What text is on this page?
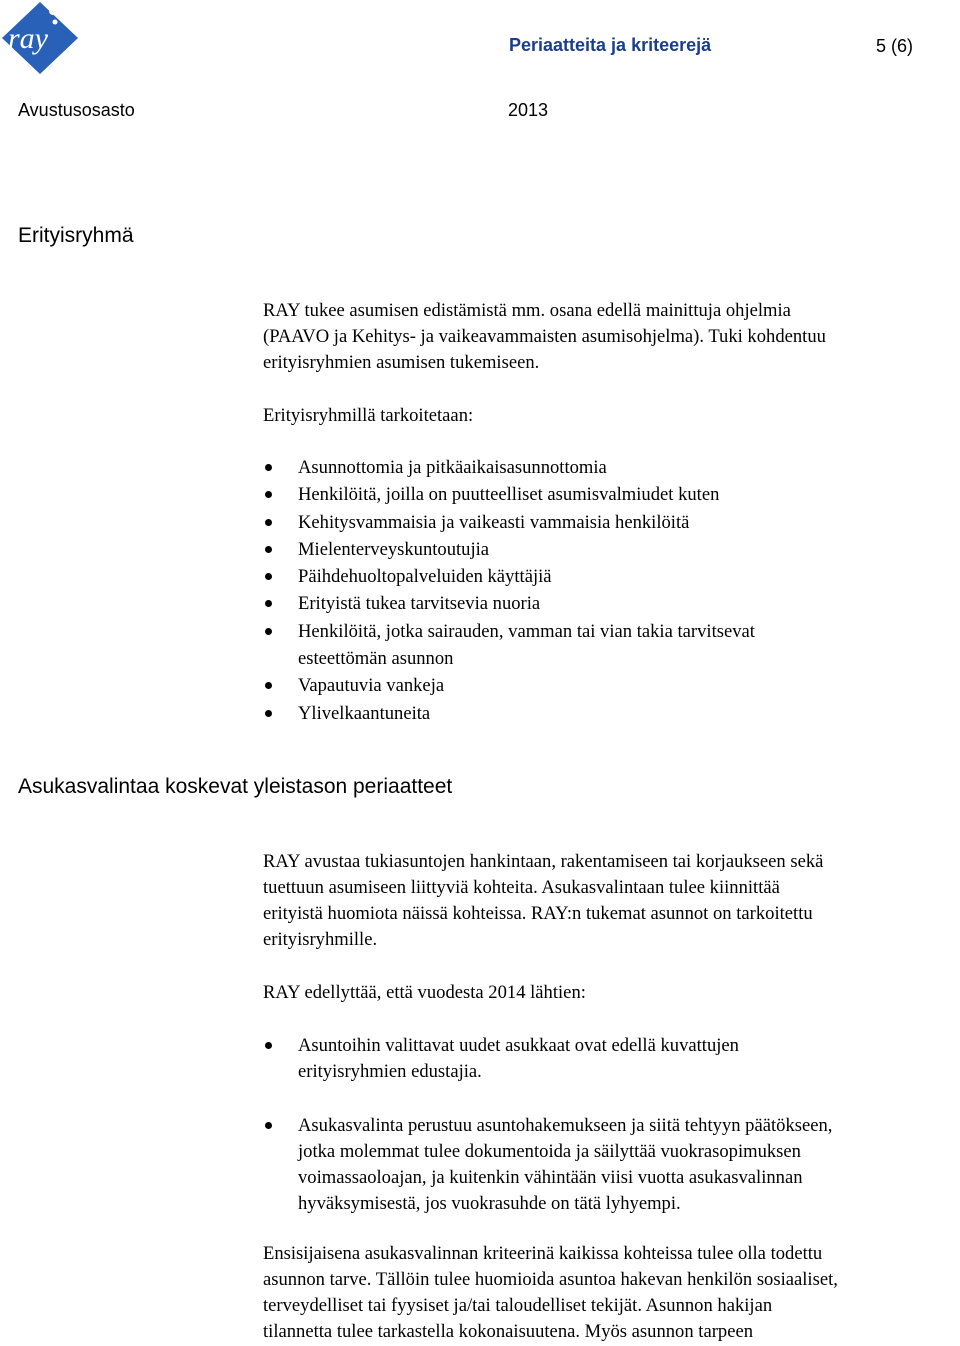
ray	Periaatteita ja kriteerejä	5 (6)
Avustusosasto	2013
Erityisryhmä
RAY tukee asumisen edistämistä mm. osana edellä mainittuja ohjelmia
(PAAVO ja Kehitys- ja vaikeavammaisten asumisohjelma). Tuki kohdentuu
erityisryhmien asumisen tukemiseen.
Erityisryhmillä tarkoitetaan:
Asunnottomia ja pitkäaikaisasunnottomia
Henkilöitä, joilla on puutteelliset asumisvalmiudet kuten
Kehitysvammaisia ja vaikeasti vammaisia henkilöitä
Mielenterveyskuntoutujia
Päihdehuoltopalveluiden käyttäjiä
Erityistä tukea tarvitsevia nuoria
Henkilöitä, jotka sairauden, vamman tai vian takia tarvitsevat
esteettömän asunnon
Vapautuvia vankeja
Ylivelkaantuneita
Asukasvalintaa koskevat yleistason periaatteet
RAY avustaa tukiasuntojen hankintaan, rakentamiseen tai korjaukseen sekä
tuettuun asumiseen liittyviä kohteita. Asukasvalintaan tulee kiinnittää
erityistä huomiota näissä kohteissa. RAY:n tukemat asunnot on tarkoitettu
erityisryhmille.
RAY edellyttää, että vuodesta 2014 lähtien:
Asuntoihin valittavat uudet asukkaat ovat edellä kuvattujen
erityisryhmien edustajia.
Asukasvalinta perustuu asuntohakemukseen ja siitä tehtyyn päätökseen,
jotka molemmat tulee dokumentoida ja säilyttää vuokrasopimuksen
voimassaoloajan, ja kuitenkin vähintään viisi vuotta asukasvalinnan
hyväksymisestä, jos vuokrasuhde on tätä lyhyempi.
Ensisijaisena asukasvalinnan kriteerinä kaikissa kohteissa tulee olla todettu
asunnon tarve. Tällöin tulee huomioida asuntoa hakevan henkilön sosiaaliset,
terveydelliset tai fyysiset ja/tai taloudelliset tekijät. Asunnon hakijan
tilannetta tulee tarkastella kokonaisuutena. Myös asunnon tarpeen
